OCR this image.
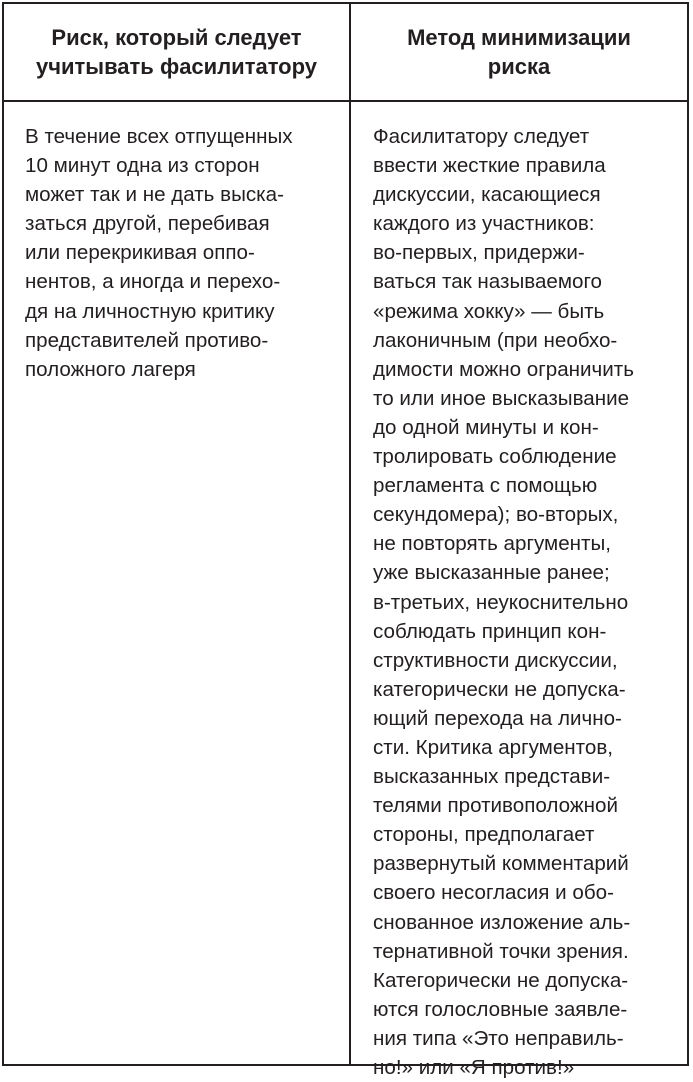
Риск, который следует
учитывать фасилитатору
Метод минимизации
риска
В течение всех отпущенных
10 минут одна из сторон
может так и не дать выска-
заться другой, перебивая
или перекрикивая оппо-
нентов, а иногда и перехо-
дя на личностную критику
представителей противо-
положного лагеря
Фасилитатору следует
ввести жесткие правила
дискуссии, касающиеся
каждого из участников:
во-первых, придержи-
ваться так называемого
«режима хокку» — быть
лаконичным (при необхо-
димости можно ограничить
то или иное высказывание
до одной минуты и кон-
тролировать соблюдение
регламента с помощью
секундомера); во-вторых,
не повторять аргументы,
уже высказанные ранее;
в-третьих, неукоснительно
соблюдать принцип кон-
структивности дискуссии,
категорически не допуска-
ющий перехода на лично-
сти. Критика аргументов,
высказанных представи-
телями противоположной
стороны, предполагает
развернутый комментарий
своего несогласия и обо-
снованное изложение аль-
тернативной точки зрения.
Категорически не допуска-
ются голословные заявле-
ния типа «Это неправиль-
но!» или «Я против!»
